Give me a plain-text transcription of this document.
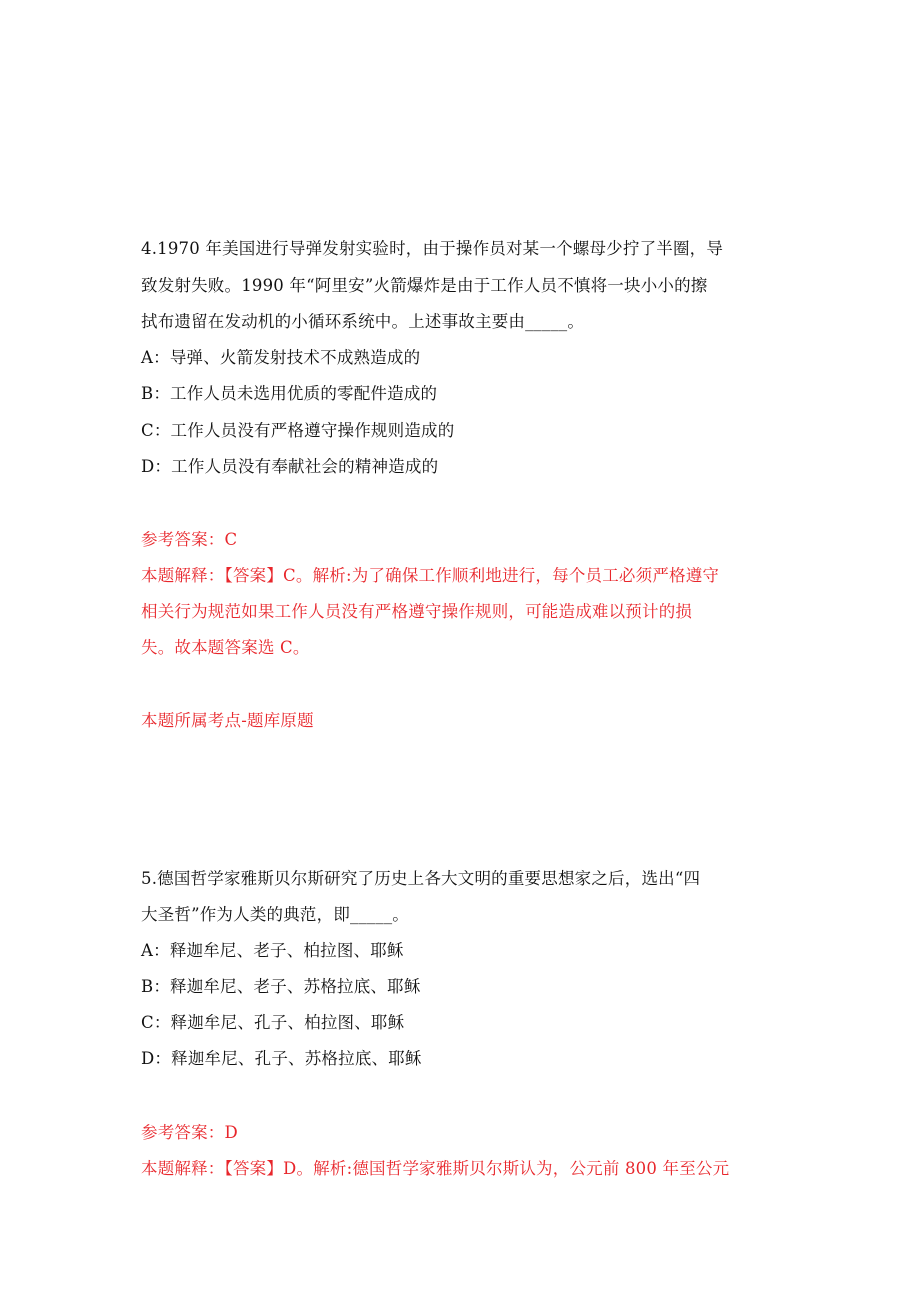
4.1970 年美国进行导弹发射实验时，由于操作员对某一个螺母少拧了半圈，导
致发射失败。1990 年“阿里安”火箭爆炸是由于工作人员不慎将一块小小的擦
拭布遗留在发动机的小循环系统中。上述事故主要由_____。
A：导弹、火箭发射技术不成熟造成的
B：工作人员未选用优质的零配件造成的
C：工作人员没有严格遵守操作规则造成的
D：工作人员没有奉献社会的精神造成的
参考答案：C
本题解释：【答案】C。解析:为了确保工作顺利地进行，每个员工必须严格遵守
相关行为规范如果工作人员没有严格遵守操作规则，可能造成难以预计的损
失。故本题答案选 C。
本题所属考点-题库原题
5.德国哲学家雅斯贝尔斯研究了历史上各大文明的重要思想家之后，选出“四
大圣哲”作为人类的典范，即_____。
A：释迦牟尼、老子、柏拉图、耶稣
B：释迦牟尼、老子、苏格拉底、耶稣
C：释迦牟尼、孔子、柏拉图、耶稣
D：释迦牟尼、孔子、苏格拉底、耶稣
参考答案：D
本题解释：【答案】D。解析:德国哲学家雅斯贝尔斯认为，公元前 800 年至公元
